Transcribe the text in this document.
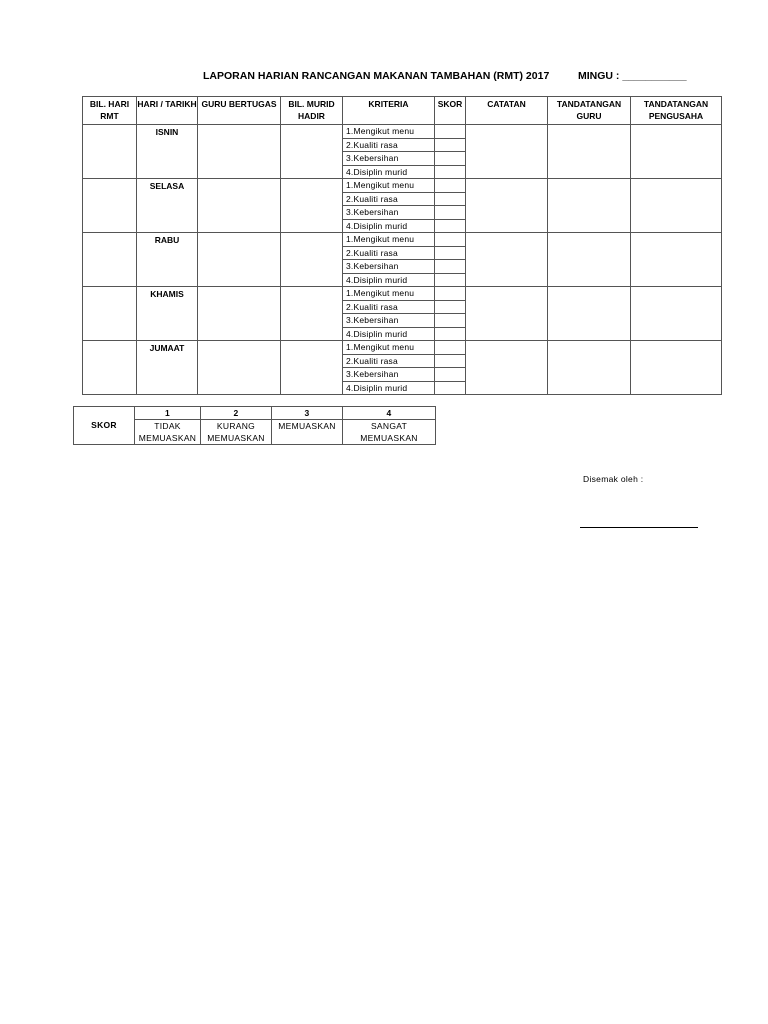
LAPORAN HARIAN RANCANGAN MAKANAN TAMBAHAN (RMT) 2017	MINGU : ___________
BIL. HARI RMT	HARI / TARIKH	GURU BERTUGAS	BIL. MURID HADIR	KRITERIA	SKOR	CATATAN	TANDATANGAN GURU	TANDATANGAN PENGUSAHA
	ISNIN			1.Mengikut menu				
				2.Kualiti rasa				
				3.Kebersihan				
				4.Disiplin murid				
	SELASA			1.Mengikut menu				
				2.Kualiti rasa				
				3.Kebersihan				
				4.Disiplin murid				
	RABU			1.Mengikut menu				
				2.Kualiti rasa				
				3.Kebersihan				
				4.Disiplin murid				
	KHAMIS			1.Mengikut menu				
				2.Kualiti rasa				
				3.Kebersihan				
				4.Disiplin murid				
	JUMAAT			1.Mengikut menu				
				2.Kualiti rasa				
				3.Kebersihan				
				4.Disiplin murid				
SKOR	1	2	3	4
	TIDAK	KURANG	MEMUASKAN	SANGAT
	MEMUASKAN	MEMUASKAN		MEMUASKAN
Disemak oleh :
